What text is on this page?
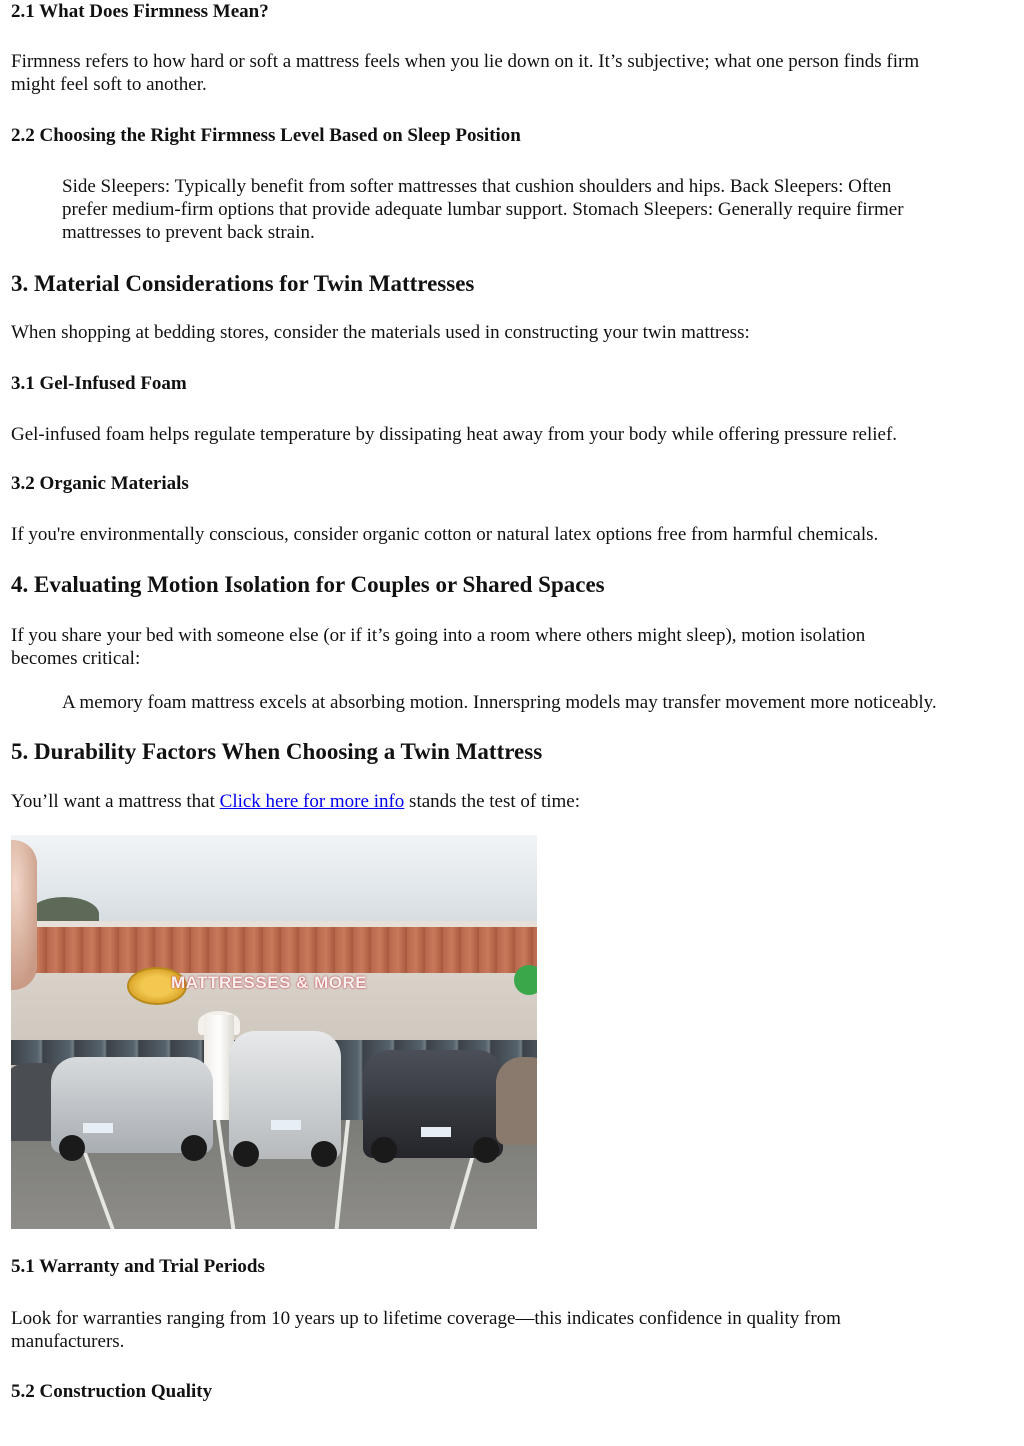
2.1 What Does Firmness Mean?
Firmness refers to how hard or soft a mattress feels when you lie down on it. It’s subjective; what one person finds firm
might feel soft to another.
2.2 Choosing the Right Firmness Level Based on Sleep Position
Side Sleepers: Typically benefit from softer mattresses that cushion shoulders and hips. Back Sleepers: Often
prefer medium-firm options that provide adequate lumbar support. Stomach Sleepers: Generally require firmer
mattresses to prevent back strain.
3. Material Considerations for Twin Mattresses

When shopping at bedding stores, consider the materials used in constructing your twin mattress:

3.1 Gel-Infused Foam

Gel-infused foam helps regulate temperature by dissipating heat away from your body while offering pressure relief.

3.2 Organic Materials

If you're environmentally conscious, consider organic cotton or natural latex options free from harmful chemicals.

4. Evaluating Motion Isolation for Couples or Shared Spaces
If you share your bed with someone else (or if it’s going into a room where others might sleep), motion isolation
becomes critical:

A memory foam mattress excels at absorbing motion. Innerspring models may transfer movement more noticeably.

5. Durability Factors When Choosing a Twin Mattress

You’ll want a mattress that Click here for more info stands the test of time:

MATTRESSES & MORE
5.1 Warranty and Trial Periods
Look for warranties ranging from 10 years up to lifetime coverage—this indicates confidence in quality from
manufacturers.
5.2 Construction Quality
